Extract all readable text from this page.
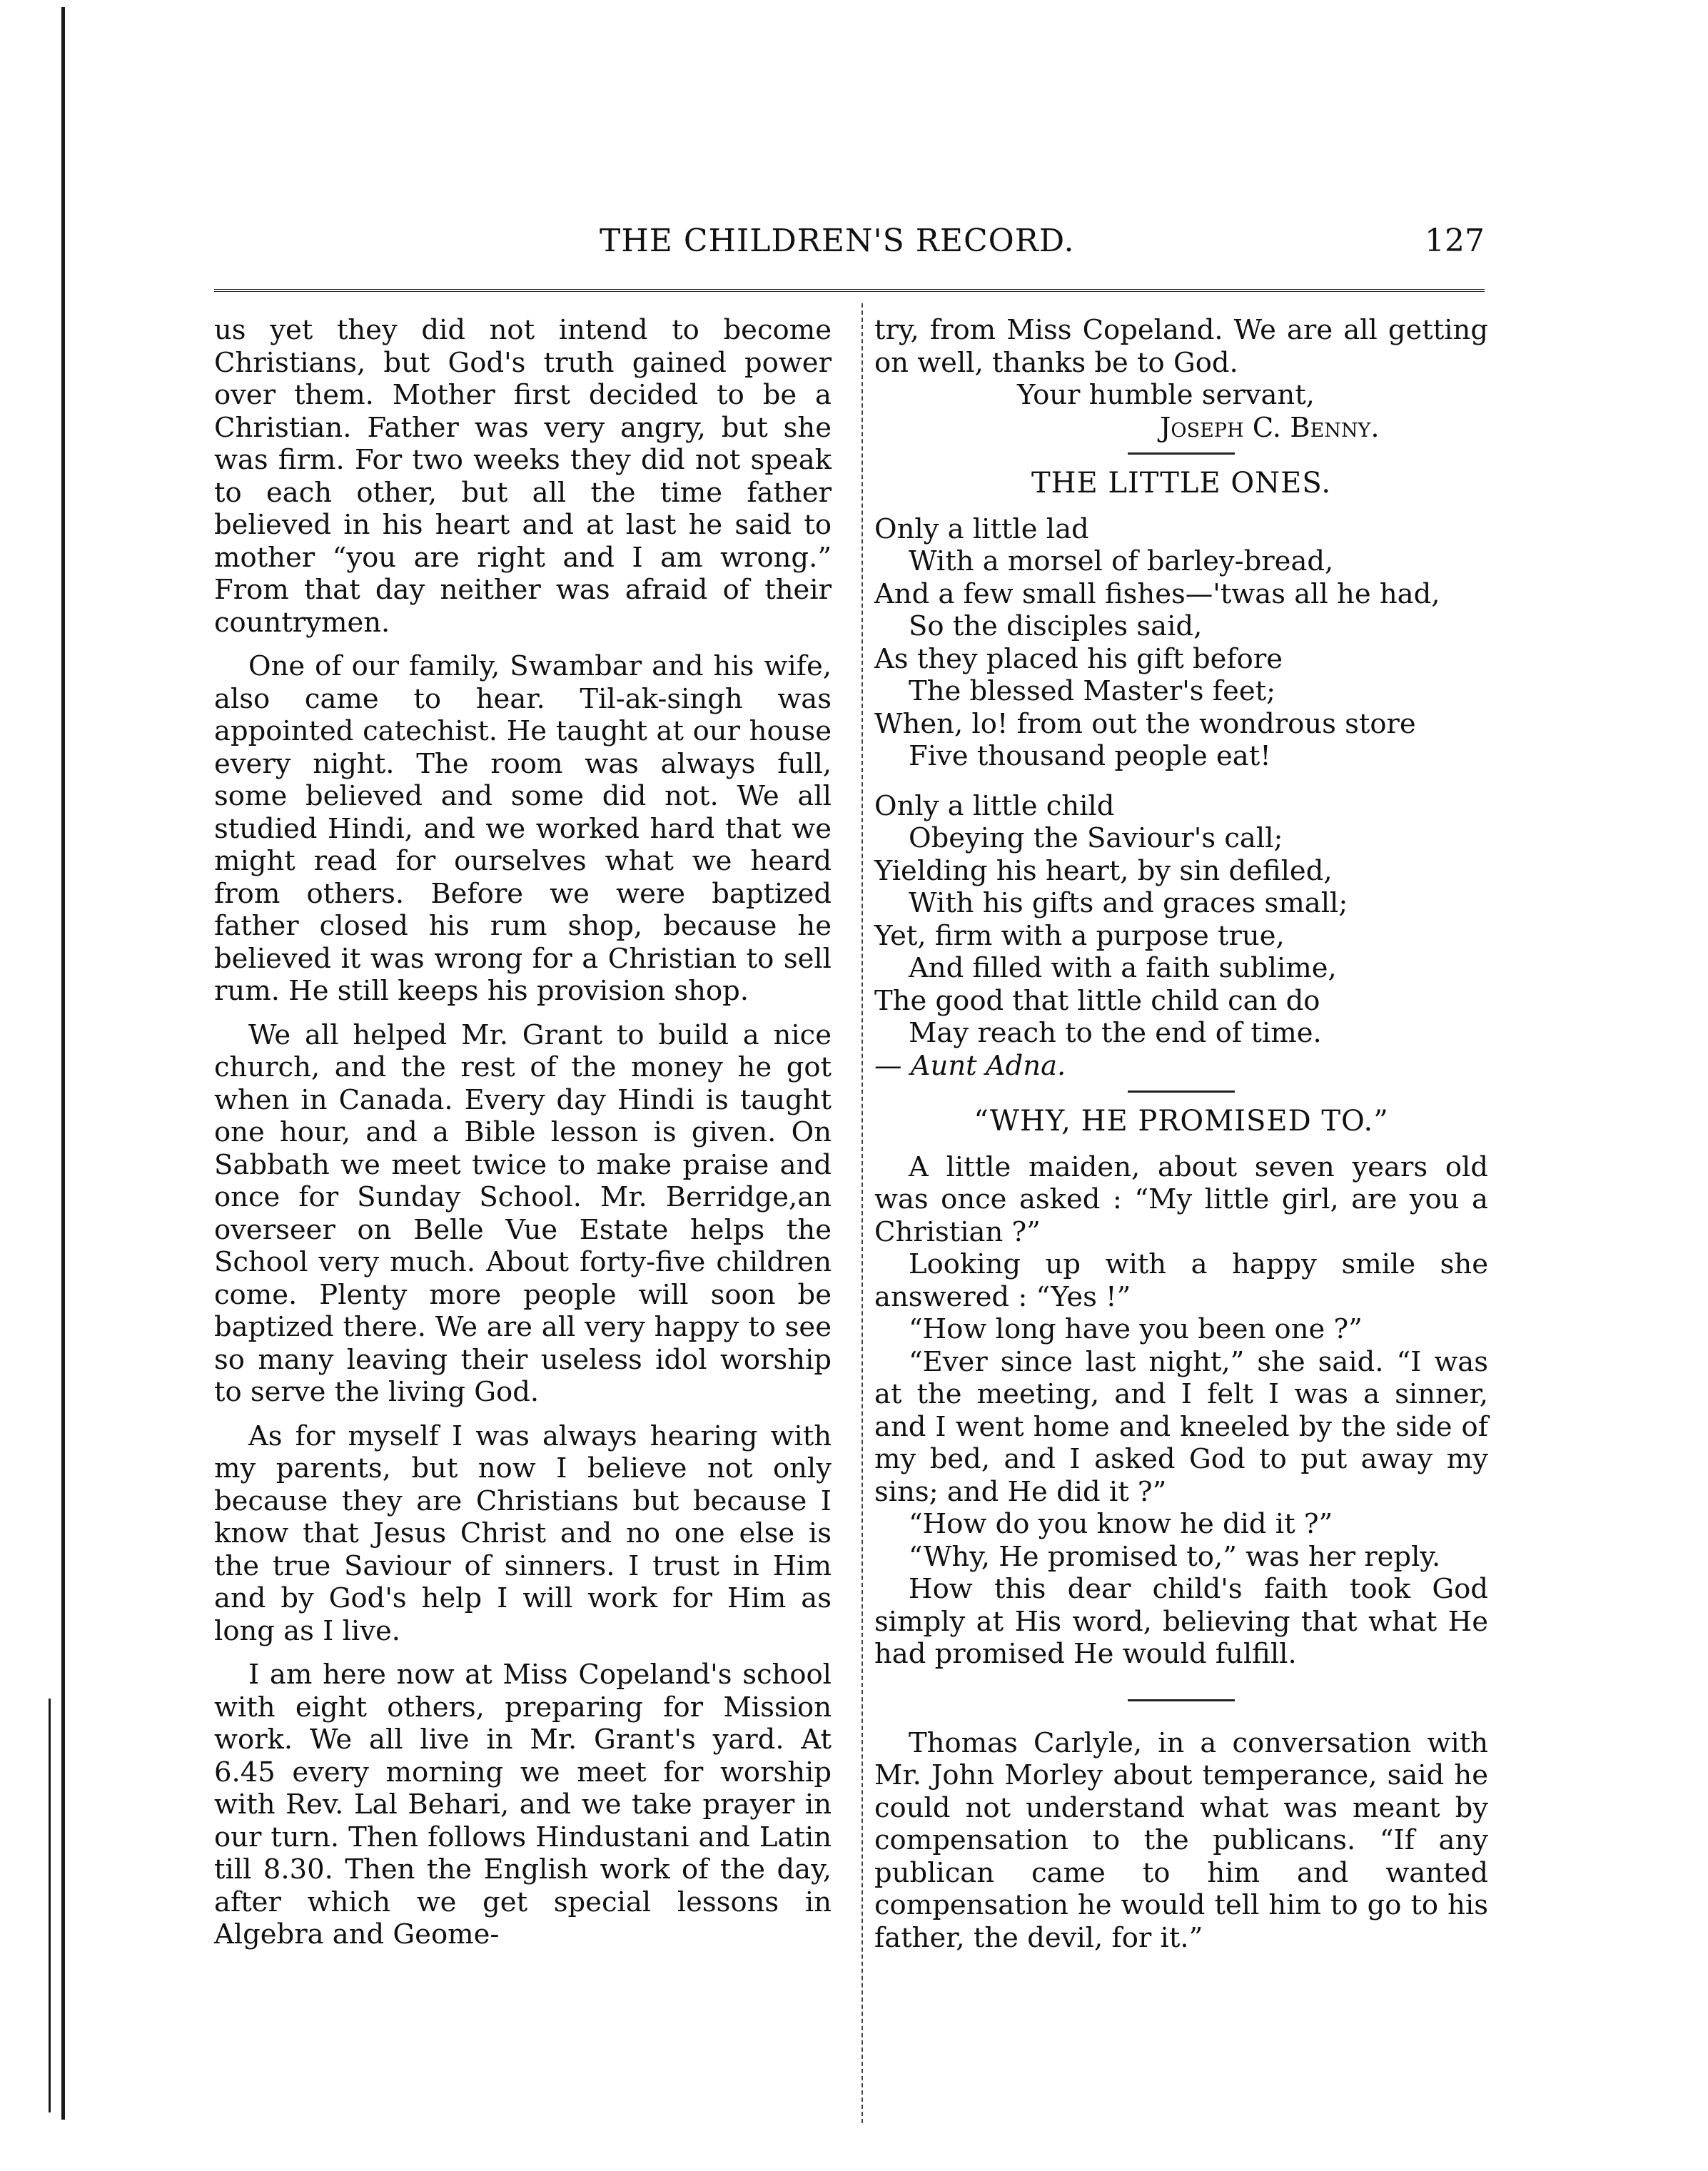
THE CHILDREN'S RECORD.	127

us yet they did not intend to become Christians, but God's truth gained power over them. Mother first decided to be a Christian. Father was very angry, but she was firm. For two weeks they did not speak to each other, but all the time father believed in his heart and at last he said to mother “you are right and I am wrong.” From that day neither was afraid of their countrymen.

One of our family, Swambar and his wife, also came to hear. Til-ak-singh was appointed catechist. He taught at our house every night. The room was always full, some believed and some did not. We all studied Hindi, and we worked hard that we might read for ourselves what we heard from others. Before we were baptized father closed his rum shop, because he believed it was wrong for a Christian to sell rum. He still keeps his provision shop.

We all helped Mr. Grant to build a nice church, and the rest of the money he got when in Canada. Every day Hindi is taught one hour, and a Bible lesson is given. On Sabbath we meet twice to make praise and once for Sunday School. Mr. Berridge,an overseer on Belle Vue Estate helps the School very much. About forty-five children come. Plenty more people will soon be baptized there. We are all very happy to see so many leaving their useless idol worship to serve the living God.

As for myself I was always hearing with my parents, but now I believe not only because they are Christians but because I know that Jesus Christ and no one else is the true Saviour of sinners. I trust in Him and by God's help I will work for Him as long as I live.

I am here now at Miss Copeland's school with eight others, preparing for Mission work. We all live in Mr. Grant's yard. At 6.45 every morning we meet for worship with Rev. Lal Behari, and we take prayer in our turn. Then follows Hindustani and Latin till 8.30. Then the English work of the day, after which we get special lessons in Algebra and Geome-

try, from Miss Copeland. We are all getting on well, thanks be to God.

Your humble servant,

Joseph C. Benny.

THE LITTLE ONES.

Only a little lad

With a morsel of barley-bread,

And a few small fishes—'twas all he had,

So the disciples said,

As they placed his gift before

The blessed Master's feet;

When, lo! from out the wondrous store

Five thousand people eat!

Only a little child

Obeying the Saviour's call;

Yielding his heart, by sin defiled,

With his gifts and graces small;

Yet, firm with a purpose true,

And filled with a faith sublime,

The good that little child can do

May reach to the end of time.

— Aunt Adna.

“WHY, HE PROMISED TO.”

A little maiden, about seven years old was once asked : “My little girl, are you a Christian ?”

Looking up with a happy smile she answered : “Yes !”

“How long have you been one ?”

“Ever since last night,” she said. “I was at the meeting, and I felt I was a sinner, and I went home and kneeled by the side of my bed, and I asked God to put away my sins; and He did it ?”

“How do you know he did it ?”

“Why, He promised to,” was her reply.

How this dear child's faith took God simply at His word, believing that what He had promised He would fulfill.

Thomas Carlyle, in a conversation with Mr. John Morley about temperance, said he could not understand what was meant by compensation to the publicans. “If any publican came to him and wanted compensation he would tell him to go to his father, the devil, for it.”
